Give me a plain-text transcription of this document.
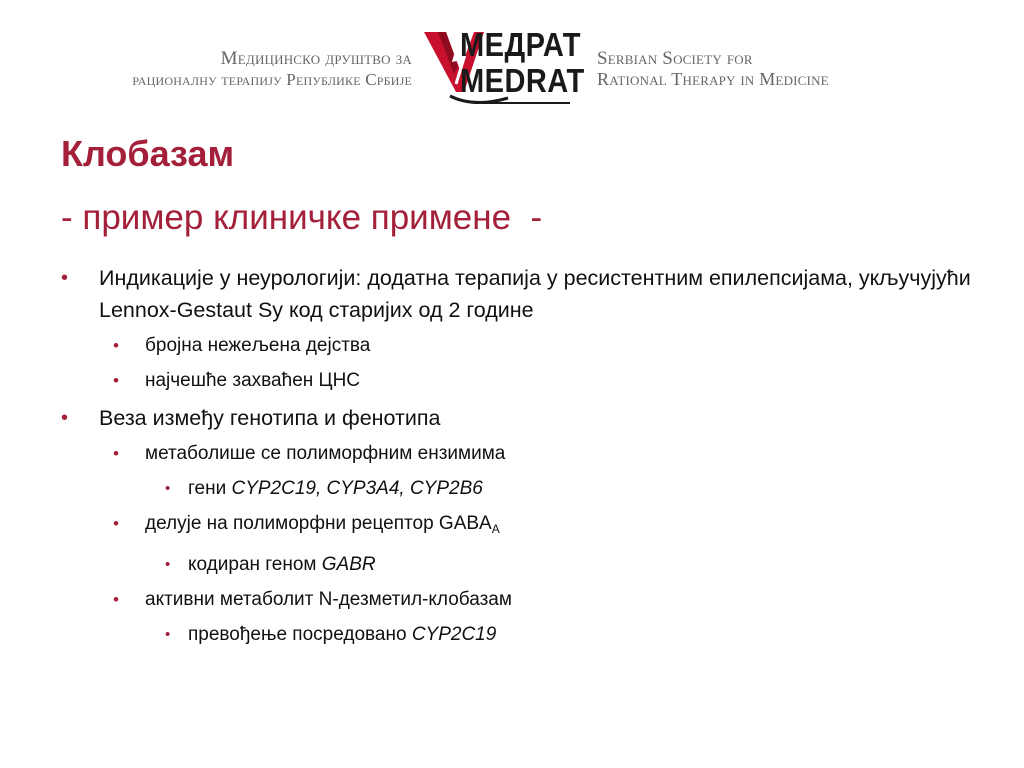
Медицинско друштво за
рационалну терапију Републике Србије
МЕДРАТ
MEDRAT
Serbian Society for
Rational Therapy in Medicine
Клобазам
- пример клиничке примене  -
• Индикације у неурологији: додатна терапија у ресистентним епилепсијама, укључујући Lennox-Gestaut Sy код старијих од 2 године
• бројна нежељена дејства
• најчешће захваћен ЦНС
• Веза између генотипа и фенотипа
• метаболише се полиморфним ензимима
• гени CYP2C19, CYP3A4, CYP2B6
• делује на полиморфни рецептор $GABA_A$
• кодиран геном GABR
• активни метаболит N-дезметил-клобазам
• превођење посредовано CYP2C19
